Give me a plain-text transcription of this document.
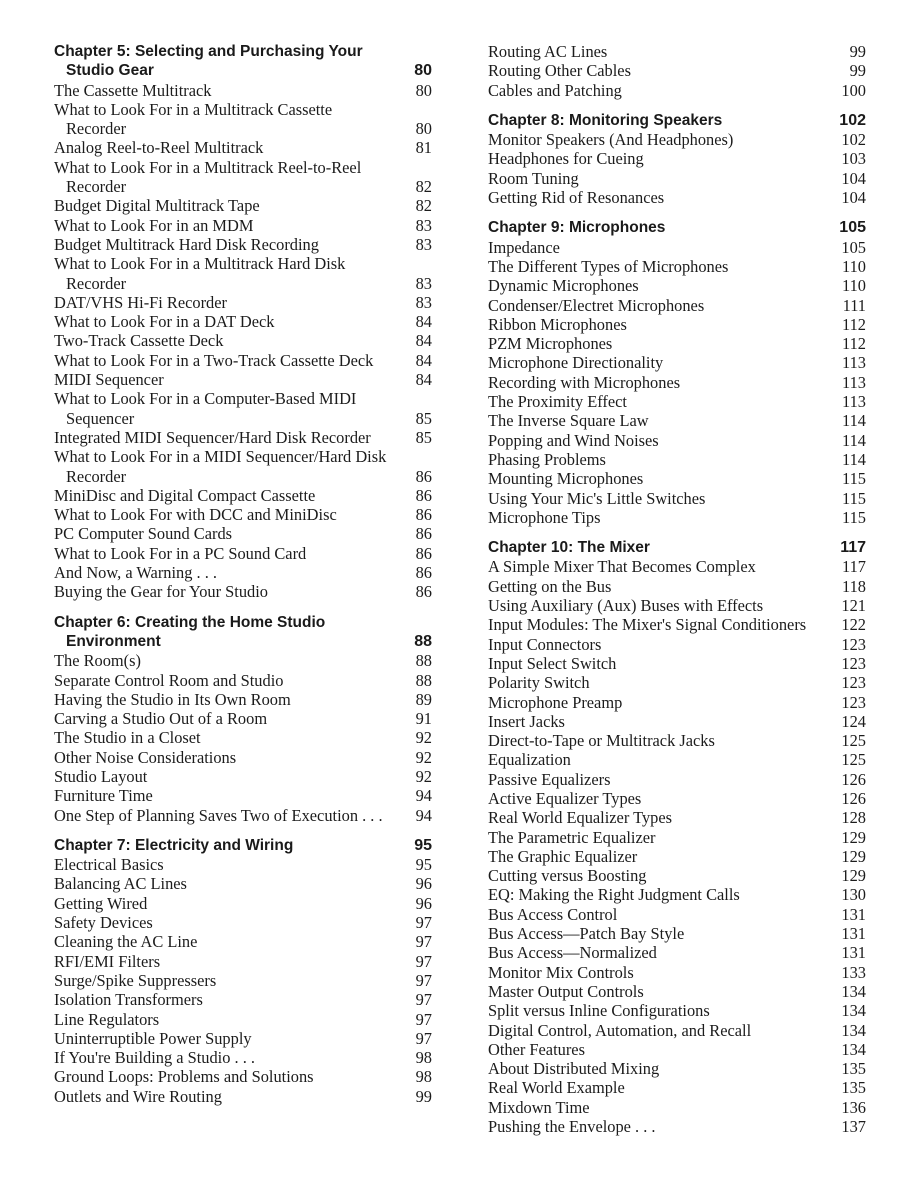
Chapter 5: Selecting and Purchasing Your Studio Gear	80
The Cassette Multitrack	80
What to Look For in a Multitrack Cassette Recorder	80
Analog Reel-to-Reel Multitrack	81
What to Look For in a Multitrack Reel-to-Reel Recorder	82
Budget Digital Multitrack Tape	82
What to Look For in an MDM	83
Budget Multitrack Hard Disk Recording	83
What to Look For in a Multitrack Hard Disk Recorder	83
DAT/VHS Hi-Fi Recorder	83
What to Look For in a DAT Deck	84
Two-Track Cassette Deck	84
What to Look For in a Two-Track Cassette Deck	84
MIDI Sequencer	84
What to Look For in a Computer-Based MIDI Sequencer	85
Integrated MIDI Sequencer/Hard Disk Recorder	85
What to Look For in a MIDI Sequencer/Hard Disk Recorder	86
MiniDisc and Digital Compact Cassette	86
What to Look For with DCC and MiniDisc	86
PC Computer Sound Cards	86
What to Look For in a PC Sound Card	86
And Now, a Warning . . .	86
Buying the Gear for Your Studio	86
Chapter 6: Creating the Home Studio Environment	88
The Room(s)	88
Separate Control Room and Studio	88
Having the Studio in Its Own Room	89
Carving a Studio Out of a Room	91
The Studio in a Closet	92
Other Noise Considerations	92
Studio Layout	92
Furniture Time	94
One Step of Planning Saves Two of Execution . . .	94
Chapter 7: Electricity and Wiring	95
Electrical Basics	95
Balancing AC Lines	96
Getting Wired	96
Safety Devices	97
Cleaning the AC Line	97
RFI/EMI Filters	97
Surge/Spike Suppressers	97
Isolation Transformers	97
Line Regulators	97
Uninterruptible Power Supply	97
If You're Building a Studio . . .	98
Ground Loops: Problems and Solutions	98
Outlets and Wire Routing	99
Routing AC Lines	99
Routing Other Cables	99
Cables and Patching	100
Chapter 8: Monitoring Speakers	102
Monitor Speakers (And Headphones)	102
Headphones for Cueing	103
Room Tuning	104
Getting Rid of Resonances	104
Chapter 9: Microphones	105
Impedance	105
The Different Types of Microphones	110
Dynamic Microphones	110
Condenser/Electret Microphones	111
Ribbon Microphones	112
PZM Microphones	112
Microphone Directionality	113
Recording with Microphones	113
The Proximity Effect	113
The Inverse Square Law	114
Popping and Wind Noises	114
Phasing Problems	114
Mounting Microphones	115
Using Your Mic's Little Switches	115
Microphone Tips	115
Chapter 10: The Mixer	117
A Simple Mixer That Becomes Complex	117
Getting on the Bus	118
Using Auxiliary (Aux) Buses with Effects	121
Input Modules: The Mixer's Signal Conditioners	122
Input Connectors	123
Input Select Switch	123
Polarity Switch	123
Microphone Preamp	123
Insert Jacks	124
Direct-to-Tape or Multitrack Jacks	125
Equalization	125
Passive Equalizers	126
Active Equalizer Types	126
Real World Equalizer Types	128
The Parametric Equalizer	129
The Graphic Equalizer	129
Cutting versus Boosting	129
EQ: Making the Right Judgment Calls	130
Bus Access Control	131
Bus Access—Patch Bay Style	131
Bus Access—Normalized	131
Monitor Mix Controls	133
Master Output Controls	134
Split versus Inline Configurations	134
Digital Control, Automation, and Recall	134
Other Features	134
About Distributed Mixing	135
Real World Example	135
Mixdown Time	136
Pushing the Envelope . . .	137
